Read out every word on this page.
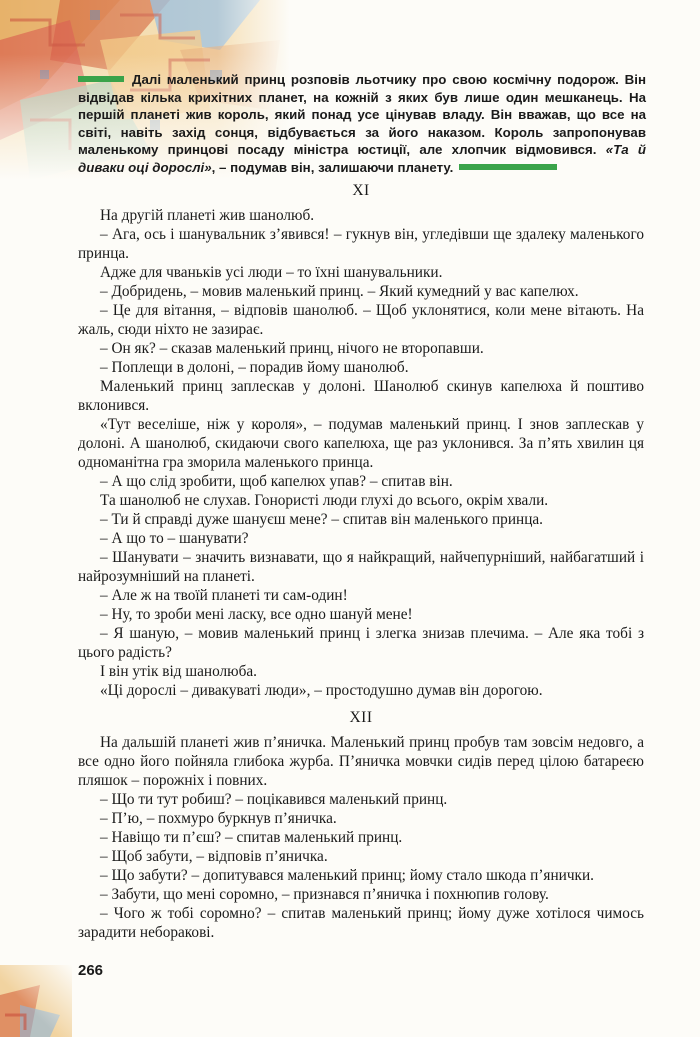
Далі маленький принц розповів льотчику про свою космічну подорож. Він відвідав кілька крихітних планет, на кожній з яких був лише один мешканець. На першій планеті жив король, який понад усе цінував владу. Він вважав, що все на світі, навіть захід сонця, відбувається за його наказом. Король запропонував маленькому принцові посаду міністра юстиції, але хлопчик відмовився. «Та й диваки оці дорослі», – подумав він, залишаючи планету.
XI

На другій планеті жив шанолюб.

– Ага, ось і шанувальник з’явився! – гукнув він, угледівши ще здалеку маленького принца.

Адже для чваньків усі люди – то їхні шанувальники.

– Добридень, – мовив маленький принц. – Який кумедний у вас капелюх.

– Це для вітання, – відповів шанолюб. – Щоб уклонятися, коли мене вітають. На жаль, сюди ніхто не зазирає.

– Он як? – сказав маленький принц, нічого не второпавши.

– Поплещи в долоні, – порадив йому шанолюб.

Маленький принц заплескав у долоні. Шанолюб скинув капелюха й поштиво вклонився.

«Тут веселіше, ніж у короля», – подумав маленький принц. І знов заплескав у долоні. А шанолюб, скидаючи свого капелюха, ще раз уклонився. За п’ять хвилин ця одноманітна гра зморила маленького принца.

– А що слід зробити, щоб капелюх упав? – спитав він.

Та шанолюб не слухав. Гонористі люди глухі до всього, окрім хвали.

– Ти й справді дуже шануєш мене? – спитав він маленького принца.

– А що то – шанувати?

– Шанувати – значить визнавати, що я найкращий, найчепурніший, найбагатший і найрозумніший на планеті.

– Але ж на твоїй планеті ти сам-один!

– Ну, то зроби мені ласку, все одно шануй мене!

– Я шаную, – мовив маленький принц і злегка знизав плечима. – Але яка тобі з цього радість?

І він утік від шанолюба.

«Ці дорослі – дивакуваті люди», – простодушно думав він дорогою.

XII

На дальшій планеті жив п’яничка. Маленький принц пробув там зовсім недовго, а все одно його пойняла глибока журба. П’яничка мовчки сидів перед цілою батареєю пляшок – порожніх і повних.

– Що ти тут робиш? – поцікавився маленький принц.

– П’ю, – похмуро буркнув п’яничка.

– Навіщо ти п’єш? – спитав маленький принц.

– Щоб забути, – відповів п’яничка.

– Що забути? – допитувався маленький принц; йому стало шкода п’янички.

– Забути, що мені соромно, – признався п’яничка і похнюпив голову.

– Чого ж тобі соромно? – спитав маленький принц; йому дуже хотілося чимось зарадити небораковi.

266
